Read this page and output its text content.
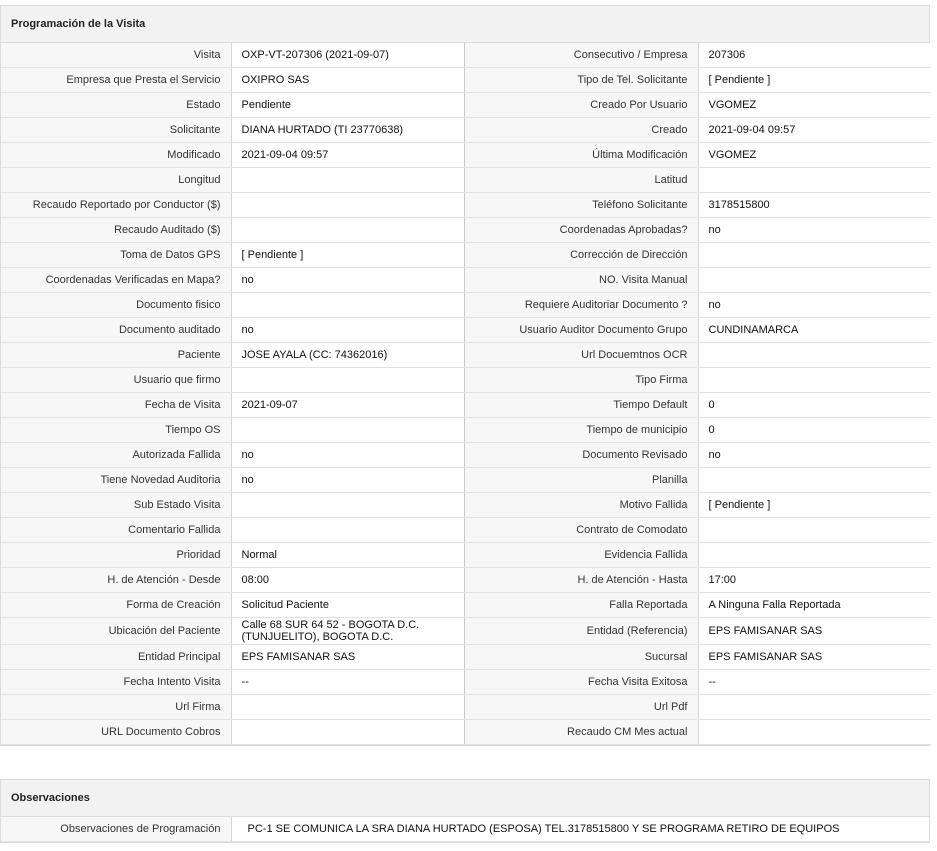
Programación de la Visita
Visita	OXP-VT-207306 (2021-09-07)	Consecutivo / Empresa	207306
Empresa que Presta el Servicio	OXIPRO SAS	Tipo de Tel. Solicitante	[ Pendiente ]
Estado	Pendiente	Creado Por Usuario	VGOMEZ
Solicitante	DIANA HURTADO (TI 23770638)	Creado	2021-09-04 09:57
Modificado	2021-09-04 09:57	Última Modificación	VGOMEZ
Longitud		Latitud	
Recaudo Reportado por Conductor ($)		Teléfono Solicitante	3178515800
Recaudo Auditado ($)		Coordenadas Aprobadas?	no
Toma de Datos GPS	[ Pendiente ]	Corrección de Dirección	
Coordenadas Verificadas en Mapa?	no	NO. Visita Manual	
Documento fisico		Requiere Auditoriar Documento ?	no
Documento auditado	no	Usuario Auditor Documento Grupo	CUNDINAMARCA
Paciente	JOSE AYALA (CC: 74362016)	Url Docuemtnos OCR	
Usuario que firmo		Tipo Firma	
Fecha de Visita	2021-09-07	Tiempo Default	0
Tiempo OS		Tiempo de municipio	0
Autorizada Fallida	no	Documento Revisado	no
Tiene Novedad Auditoria	no	Planilla	
Sub Estado Visita		Motivo Fallida	[ Pendiente ]
Comentario Fallida		Contrato de Comodato	
Prioridad	Normal	Evidencia Fallida	
H. de Atención - Desde	08:00	H. de Atención - Hasta	17:00
Forma de Creación	Solicitud Paciente	Falla Reportada	A Ninguna Falla Reportada
Ubicación del Paciente	Calle 68 SUR 64 52 - BOGOTA D.C.
(TUNJUELITO), BOGOTA D.C.	Entidad (Referencia)	EPS FAMISANAR SAS
Entidad Principal	EPS FAMISANAR SAS	Sucursal	EPS FAMISANAR SAS
Fecha Intento Visita	--	Fecha Visita Exitosa	--
Url Firma		Url Pdf	
URL Documento Cobros		Recaudo CM Mes actual	
Observaciones
Observaciones de Programación	PC-1 SE COMUNICA LA SRA DIANA HURTADO (ESPOSA) TEL.3178515800 Y SE PROGRAMA RETIRO DE EQUIPOS
